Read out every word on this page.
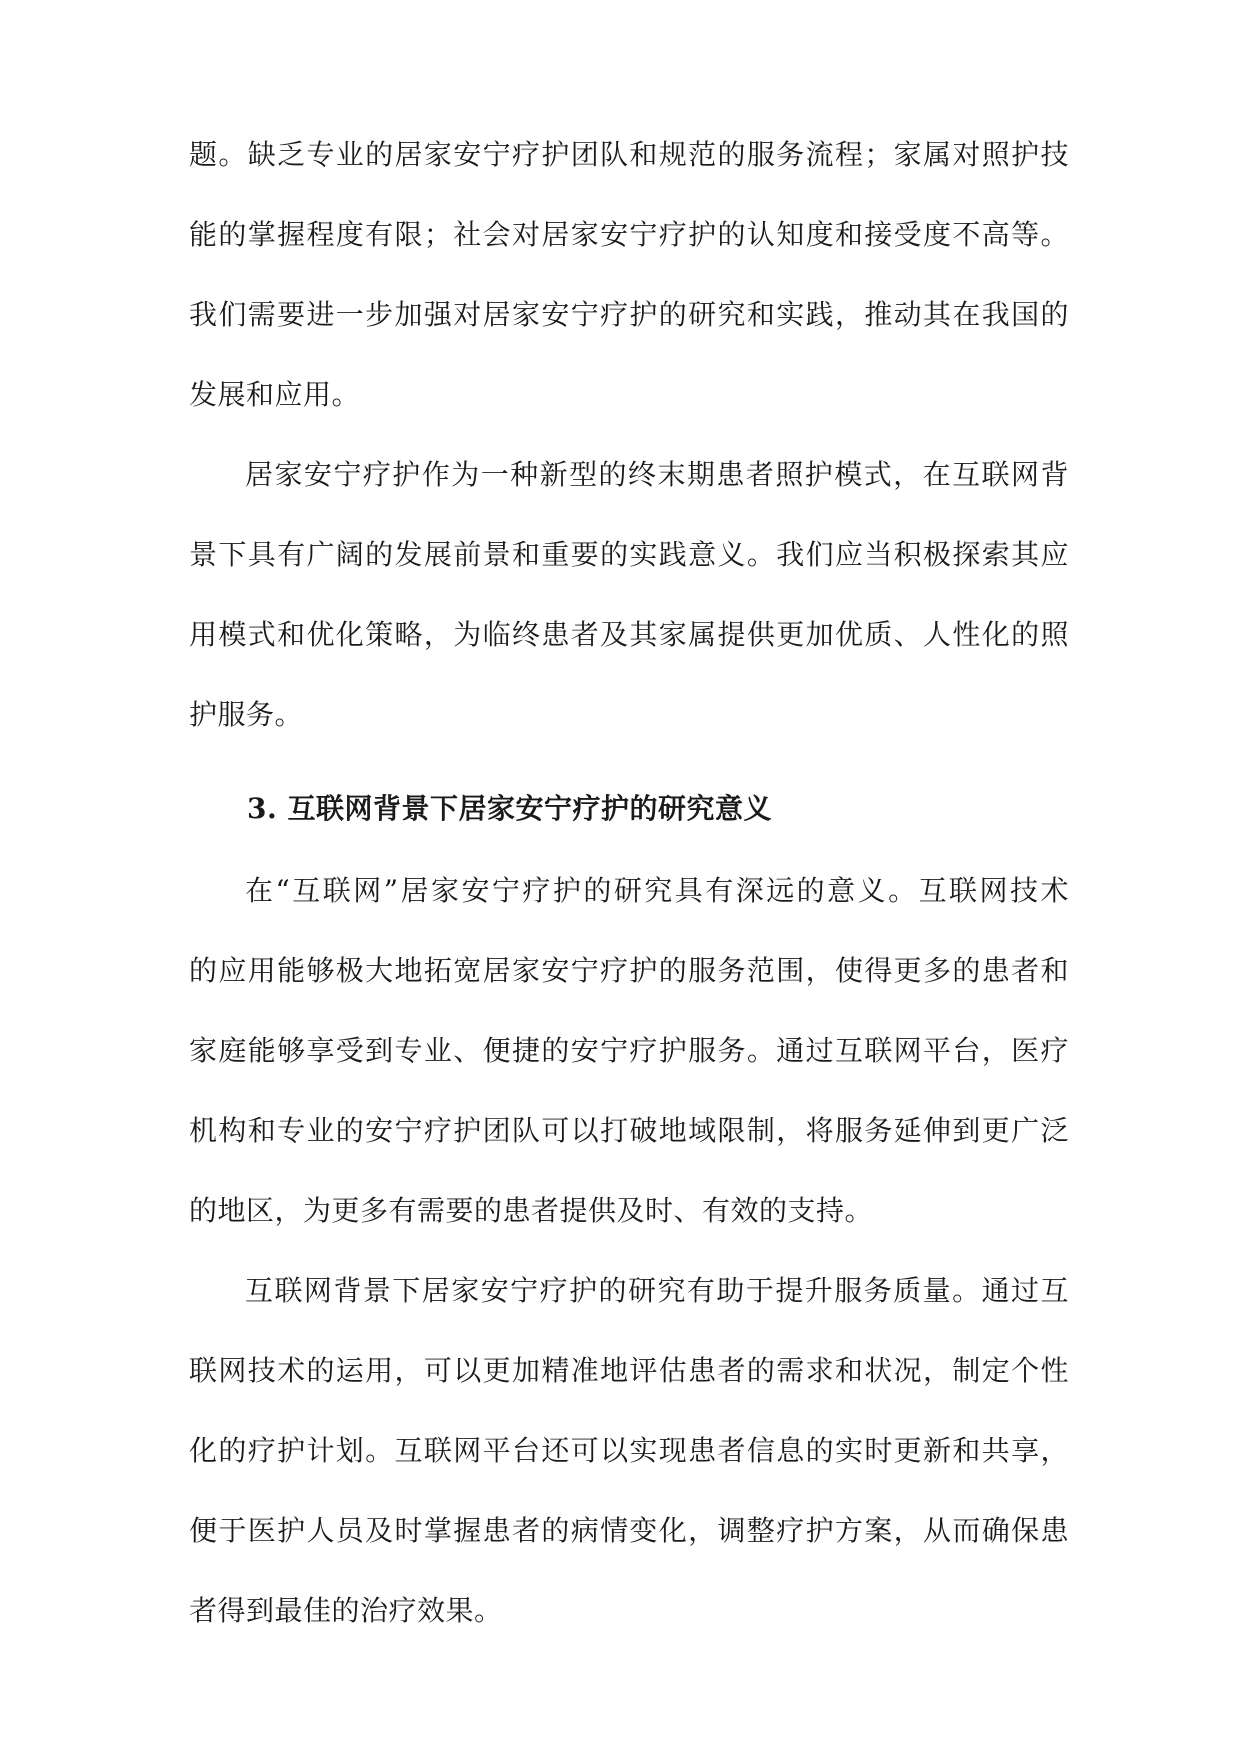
题。缺乏专业的居家安宁疗护团队和规范的服务流程；家属对照护技
能的掌握程度有限；社会对居家安宁疗护的认知度和接受度不高等。
我们需要进一步加强对居家安宁疗护的研究和实践，推动其在我国的
发展和应用。
居家安宁疗护作为一种新型的终末期患者照护模式，在互联网背
景下具有广阔的发展前景和重要的实践意义。我们应当积极探索其应
用模式和优化策略，为临终患者及其家属提供更加优质、人性化的照
护服务。
3. 互联网背景下居家安宁疗护的研究意义
在“互联网”居家安宁疗护的研究具有深远的意义。互联网技术
的应用能够极大地拓宽居家安宁疗护的服务范围，使得更多的患者和
家庭能够享受到专业、便捷的安宁疗护服务。通过互联网平台，医疗
机构和专业的安宁疗护团队可以打破地域限制，将服务延伸到更广泛
的地区，为更多有需要的患者提供及时、有效的支持。
互联网背景下居家安宁疗护的研究有助于提升服务质量。通过互
联网技术的运用，可以更加精准地评估患者的需求和状况，制定个性
化的疗护计划。互联网平台还可以实现患者信息的实时更新和共享，
便于医护人员及时掌握患者的病情变化，调整疗护方案，从而确保患
者得到最佳的治疗效果。
